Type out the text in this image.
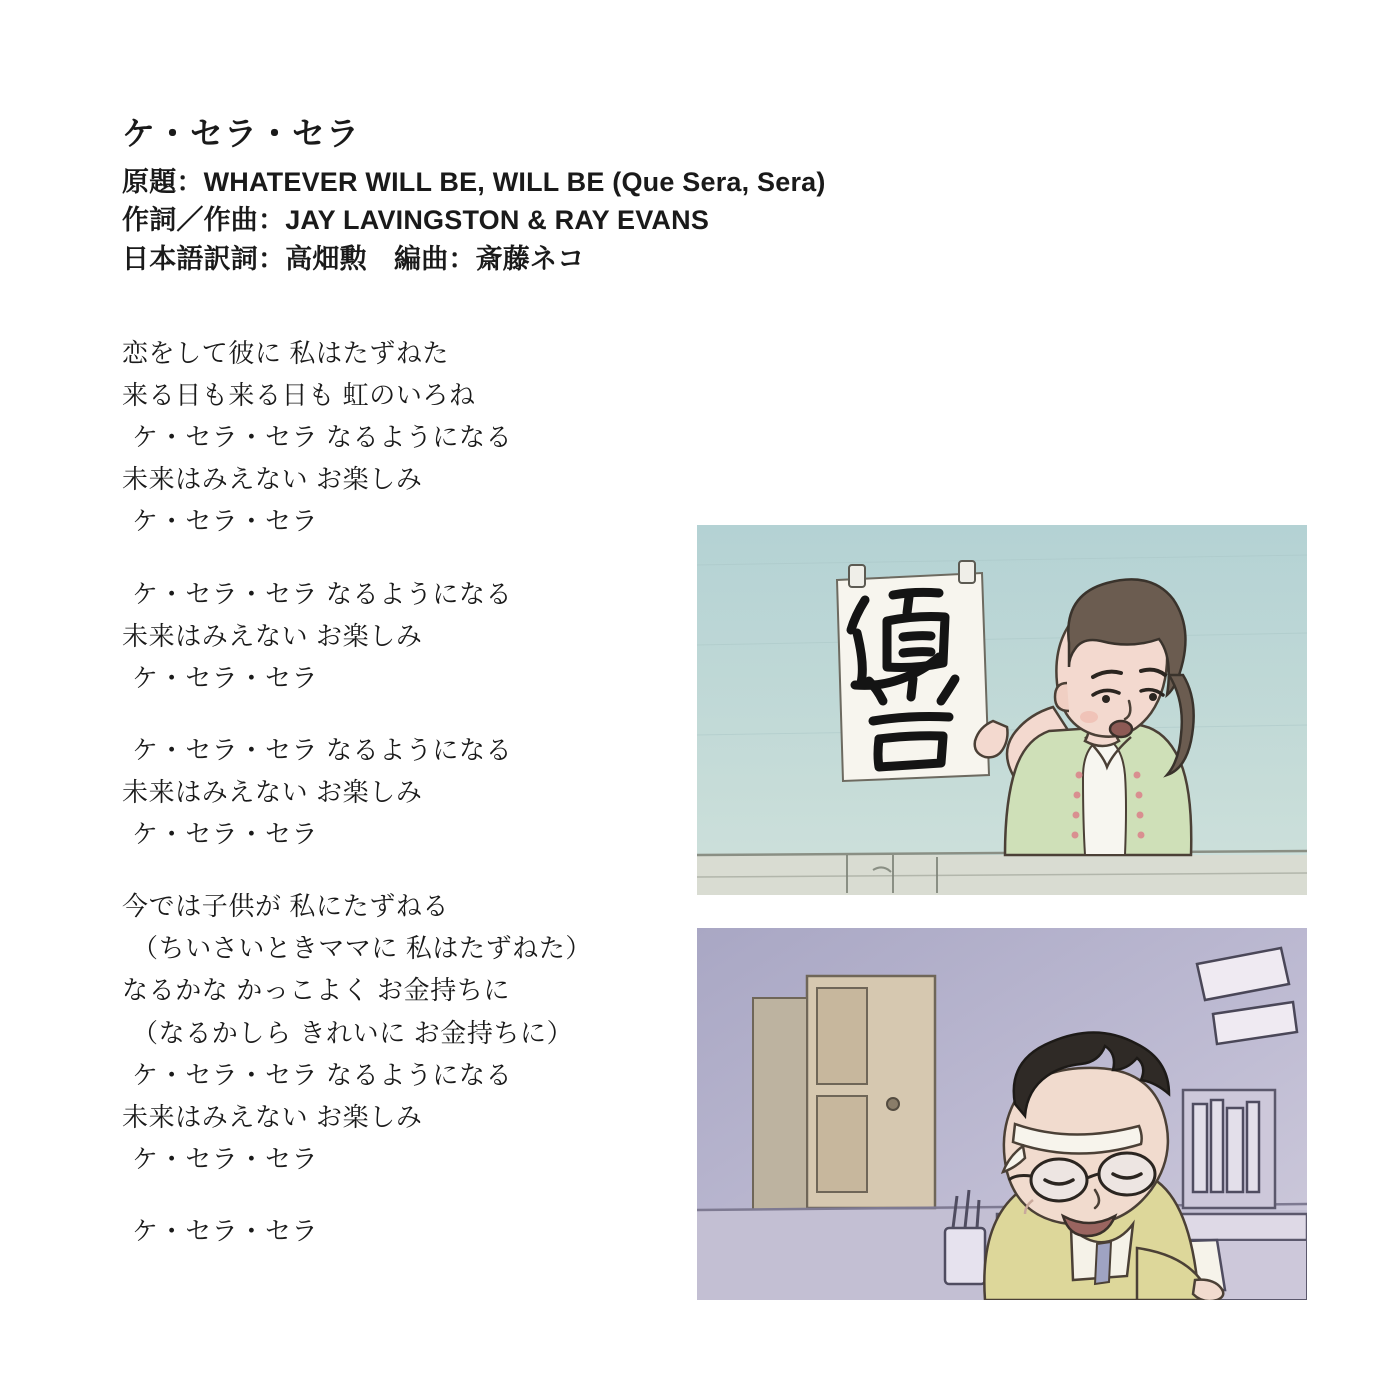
ケ・セラ・セラ

原題：WHATEVER WILL BE, WILL BE (Que Sera, Sera)

作詞／作曲：JAY LAVINGSTON & RAY EVANS

日本語訳詞：高畑勲　編曲：斎藤ネコ

恋をして彼に 私はたずねた

来る日も来る日も 虹のいろね

ケ・セラ・セラ なるようになる

未来はみえない お楽しみ

ケ・セラ・セラ

ケ・セラ・セラ なるようになる

未来はみえない お楽しみ

ケ・セラ・セラ

ケ・セラ・セラ なるようになる

未来はみえない お楽しみ

ケ・セラ・セラ

今では子供が 私にたずねる

（ちいさいときママに 私はたずねた）

なるかな かっこよく お金持ちに

（なるかしら きれいに お金持ちに）

ケ・セラ・セラ なるようになる

未来はみえない お楽しみ

ケ・セラ・セラ

ケ・セラ・セラ
